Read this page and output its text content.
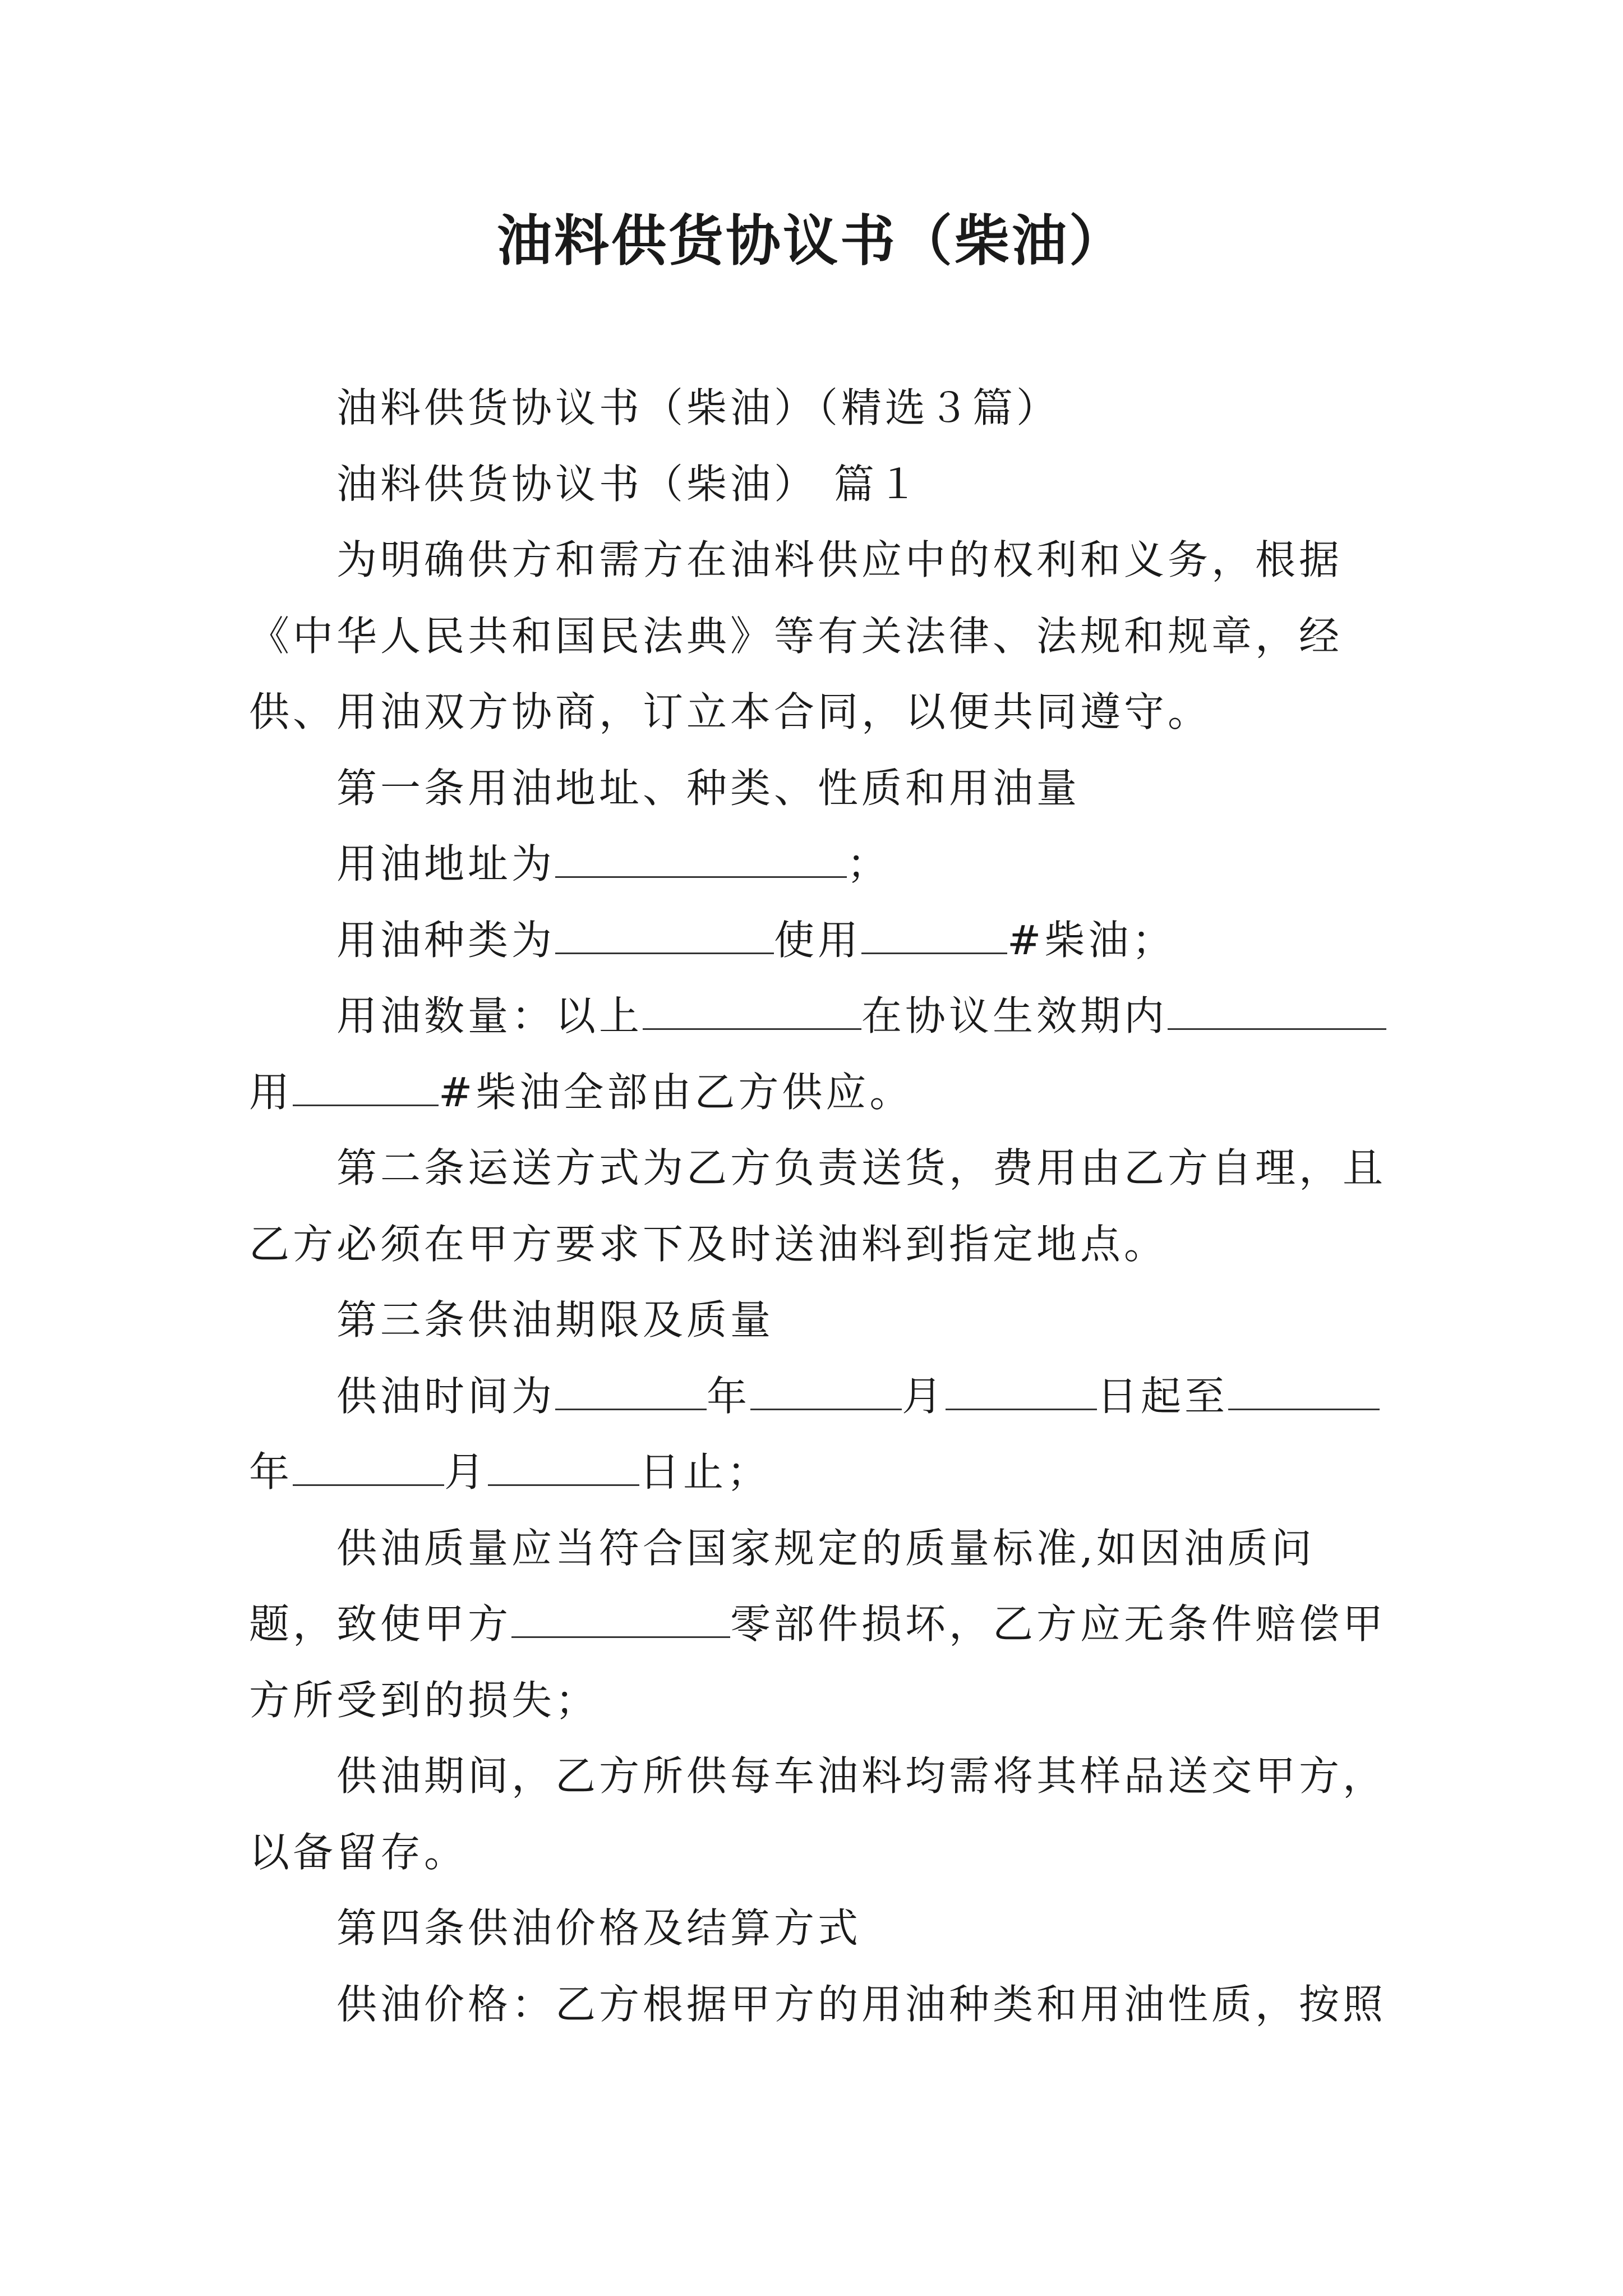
油料供货协议书（柴油）

油料供货协议书（柴油）（精选３篇）

油料供货协议书（柴油） 篇１

为明确供方和需方在油料供应中的权利和义务，根据《中华人民共和国民法典》等有关法律、法规和规章，经供、用油双方协商，订立本合同，以便共同遵守。

第一条用油地址、种类、性质和用油量

用油地址为	；

用油种类为	使用	#柴油；

用油数量：以上	在协议生效期内用	#柴油全部由乙方供应。

第二条运送方式为乙方负责送货，费用由乙方自理，且乙方必须在甲方要求下及时送油料到指定地点。

第三条供油期限及质量

供油时间为	年	月	日起至年	月	日止；

供油质量应当符合国家规定的质量标准,如因油质问题，致使甲方	零部件损坏，乙方应无条件赔偿甲方所受到的损失；

供油期间，乙方所供每车油料均需将其样品送交甲方，以备留存。

第四条供油价格及结算方式

供油价格：乙方根据甲方的用油种类和用油性质，按照
